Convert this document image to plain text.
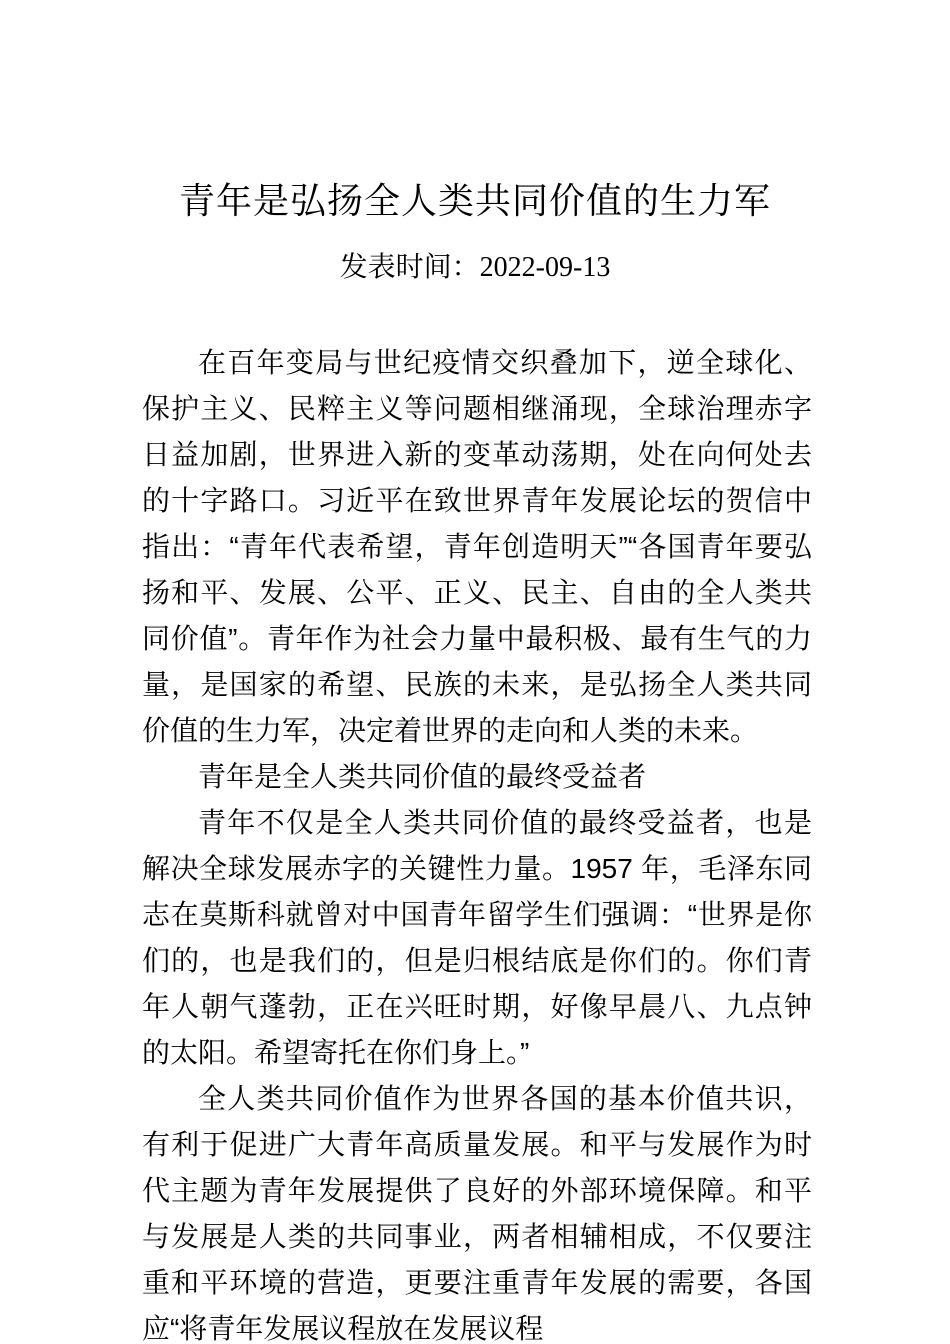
青年是弘扬全人类共同价值的生力军
发表时间：2022-09-13

在百年变局与世纪疫情交织叠加下，逆全球化、保护主义、民粹主义等问题相继涌现，全球治理赤字日益加剧，世界进入新的变革动荡期，处在向何处去的十字路口。习近平在致世界青年发展论坛的贺信中指出：“青年代表希望，青年创造明天”“各国青年要弘扬和平、发展、公平、正义、民主、自由的全人类共同价值”。青年作为社会力量中最积极、最有生气的力量，是国家的希望、民族的未来，是弘扬全人类共同价值的生力军，决定着世界的走向和人类的未来。

青年是全人类共同价值的最终受益者

青年不仅是全人类共同价值的最终受益者，也是解决全球发展赤字的关键性力量。1957 年，毛泽东同志在莫斯科就曾对中国青年留学生们强调：“世界是你们的，也是我们的，但是归根结底是你们的。你们青年人朝气蓬勃，正在兴旺时期，好像早晨八、九点钟的太阳。希望寄托在你们身上。”

全人类共同价值作为世界各国的基本价值共识，有利于促进广大青年高质量发展。和平与发展作为时代主题为青年发展提供了良好的外部环境保障。和平与发展是人类的共同事业，两者相辅相成，不仅要注重和平环境的营造，更要注重青年发展的需要，各国应“将青年发展议程放在发展议程
